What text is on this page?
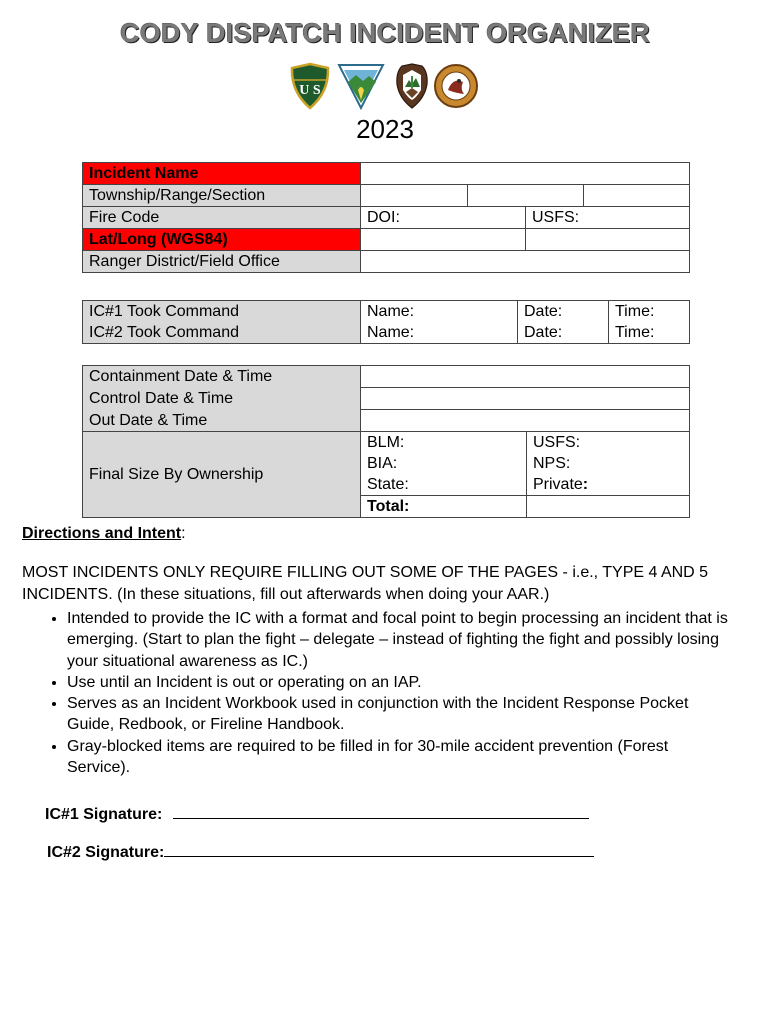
CODY DISPATCH INCIDENT ORGANIZER
U S
2023
Incident Name				
Township/Range/Section				
Fire Code	DOI:		USFS:	
Lat/Long (WGS84)				
Ranger District/Field Office				
IC#1 Took Command	Name:	Date:	Time:
IC#2 Took Command	Name:	Date:	Time:
Containment Date & Time		
Control Date & Time		
Out Date & Time		
Final Size By Ownership	BLM:	USFS:
	BIA:	NPS:
	State:	Private:
	Total:	
Directions and Intent:
MOST INCIDENTS ONLY REQUIRE FILLING OUT SOME OF THE PAGES - i.e., TYPE 4 AND 5 INCIDENTS. (In these situations, fill out afterwards when doing your AAR.)
• Intended to provide the IC with a format and focal point to begin processing an incident that is emerging. (Start to plan the fight – delegate – instead of fighting the fight and possibly losing your situational awareness as IC.)
• Use until an Incident is out or operating on an IAP.
• Serves as an Incident Workbook used in conjunction with the Incident Response Pocket Guide, Redbook, or Fireline Handbook.
• Gray-blocked items are required to be filled in for 30-mile accident prevention (Forest Service).
IC#1 Signature:
IC#2 Signature:
